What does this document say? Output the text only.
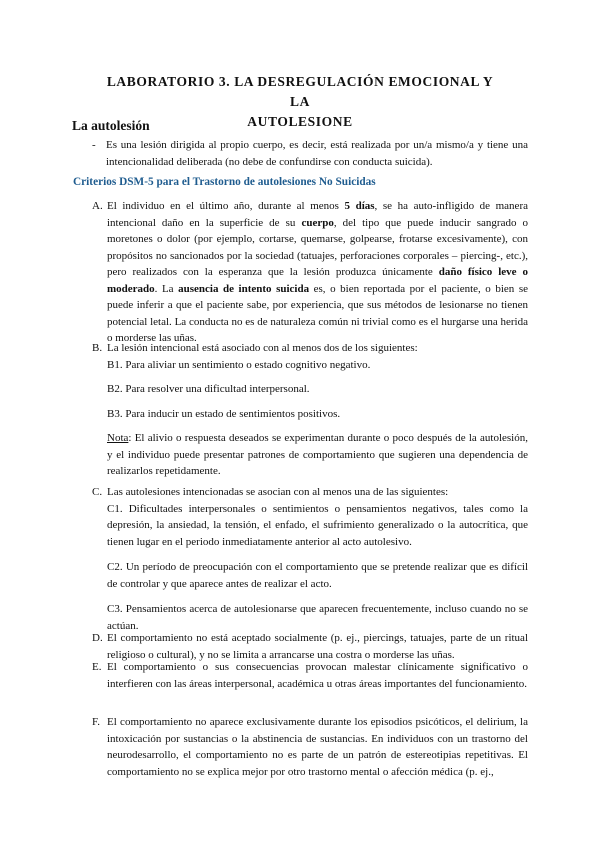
LABORATORIO 3. LA DESREGULACIÓN EMOCIONAL Y LA
AUTOLESIONE
La autolesión
- Es una lesión dirigida al propio cuerpo, es decir, está realizada por un/a mismo/a y tiene una intencionalidad deliberada (no debe de confundirse con conducta suicida).
Criterios DSM-5 para el Trastorno de autolesiones No Suicidas
A. El individuo en el último año, durante al menos 5 días, se ha auto-infligido de manera intencional daño en la superficie de su cuerpo, del tipo que puede inducir sangrado o moretones o dolor (por ejemplo, cortarse, quemarse, golpearse, frotarse excesivamente), con propósitos no sancionados por la sociedad (tatuajes, perforaciones corporales – piercing-, etc.), pero realizados con la esperanza que la lesión produzca únicamente daño físico leve o moderado. La ausencia de intento suicida es, o bien reportada por el paciente, o bien se puede inferir a que el paciente sabe, por experiencia, que sus métodos de lesionarse no tienen potencial letal. La conducta no es de naturaleza común ni trivial como es el hurgarse una herida o morderse las uñas.
B. La lesión intencional está asociado con al menos dos de los siguientes:

B1. Para aliviar un sentimiento o estado cognitivo negativo.

B2. Para resolver una dificultad interpersonal.

B3. Para inducir un estado de sentimientos positivos.

Nota: El alivio o respuesta deseados se experimentan durante o poco después de la autolesión, y el individuo puede presentar patrones de comportamiento que sugieren una dependencia de realizarlos repetidamente.

C. Las autolesiones intencionadas se asocian con al menos una de las siguientes:

C1. Dificultades interpersonales o sentimientos o pensamientos negativos, tales como la depresión, la ansiedad, la tensión, el enfado, el sufrimiento generalizado o la autocrítica, que tienen lugar en el periodo inmediatamente anterior al acto autolesivo.

C2. Un período de preocupación con el comportamiento que se pretende realizar que es difícil de controlar y que aparece antes de realizar el acto.

C3. Pensamientos acerca de autolesionarse que aparecen frecuentemente, incluso cuando no se actúan.

D. El comportamiento no está aceptado socialmente (p. ej., piercings, tatuajes, parte de un ritual religioso o cultural), y no se limita a arrancarse una costra o morderse las uñas.
E. El comportamiento o sus consecuencias provocan malestar clínicamente significativo o interfieren con las áreas interpersonal, académica u otras áreas importantes del funcionamiento.
F. El comportamiento no aparece exclusivamente durante los episodios psicóticos, el delirium, la intoxicación por sustancias o la abstinencia de sustancias. En individuos con un trastorno del neurodesarrollo, el comportamiento no es parte de un patrón de estereotipias repetitivas. El comportamiento no se explica mejor por otro trastorno mental o afección médica (p. ej.,
